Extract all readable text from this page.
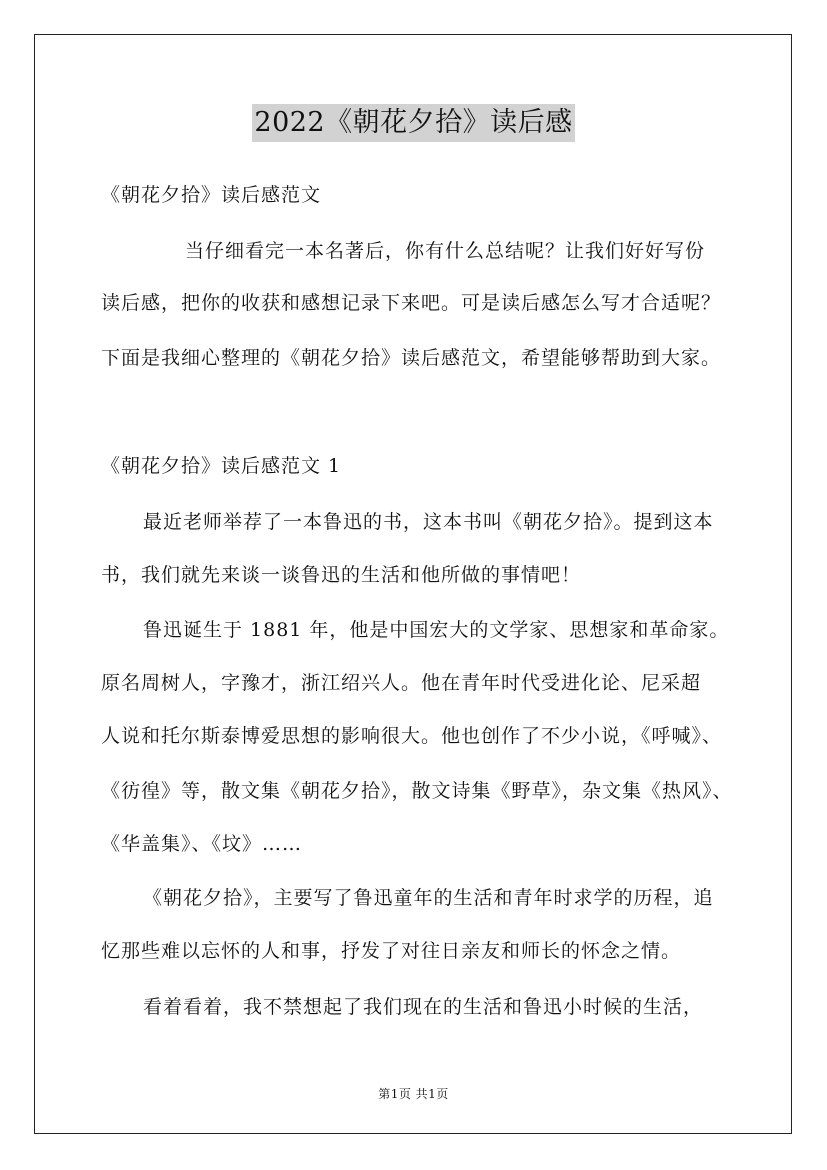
2022《朝花夕拾》读后感
《朝花夕拾》读后感范文
当仔细看完一本名著后，你有什么总结呢？让我们好好写份
读后感，把你的收获和感想记录下来吧。可是读后感怎么写才合适呢？
下面是我细心整理的《朝花夕拾》读后感范文，希望能够帮助到大家。
《朝花夕拾》读后感范文 1
最近老师举荐了一本鲁迅的书，这本书叫《朝花夕拾》。提到这本
书，我们就先来谈一谈鲁迅的生活和他所做的事情吧！
鲁迅诞生于 1881 年，他是中国宏大的文学家、思想家和革命家。
原名周树人，字豫才，浙江绍兴人。他在青年时代受进化论、尼采超
人说和托尔斯泰博爱思想的影响很大。他也创作了不少小说，《呼喊》、
《彷徨》等，散文集《朝花夕拾》，散文诗集《野草》，杂文集《热风》、
《华盖集》、《坟》……
《朝花夕拾》，主要写了鲁迅童年的生活和青年时求学的历程，追
忆那些难以忘怀的人和事，抒发了对往日亲友和师长的怀念之情。
看着看着，我不禁想起了我们现在的生活和鲁迅小时候的生活，
第1页 共1页
